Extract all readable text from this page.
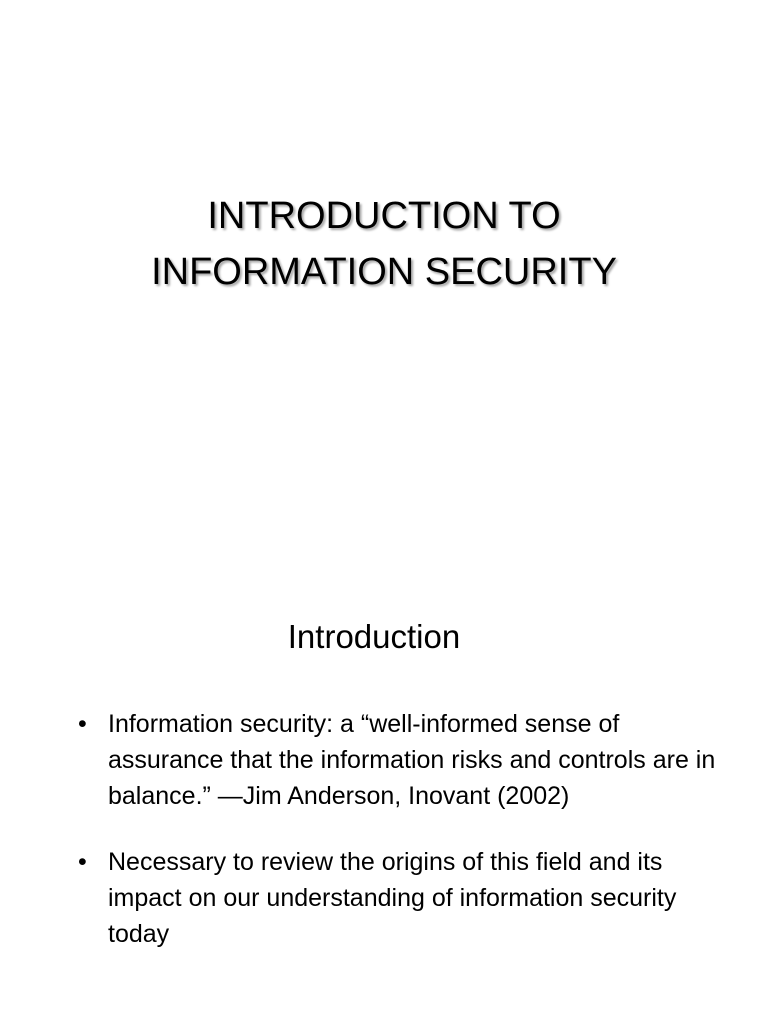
INTRODUCTION TO
INFORMATION SECURITY
Introduction
• Information security: a “well-informed sense of assurance that the information risks and controls are in balance.” —Jim Anderson, Inovant (2002)
• Necessary to review the origins of this field and its impact on our understanding of information security today
